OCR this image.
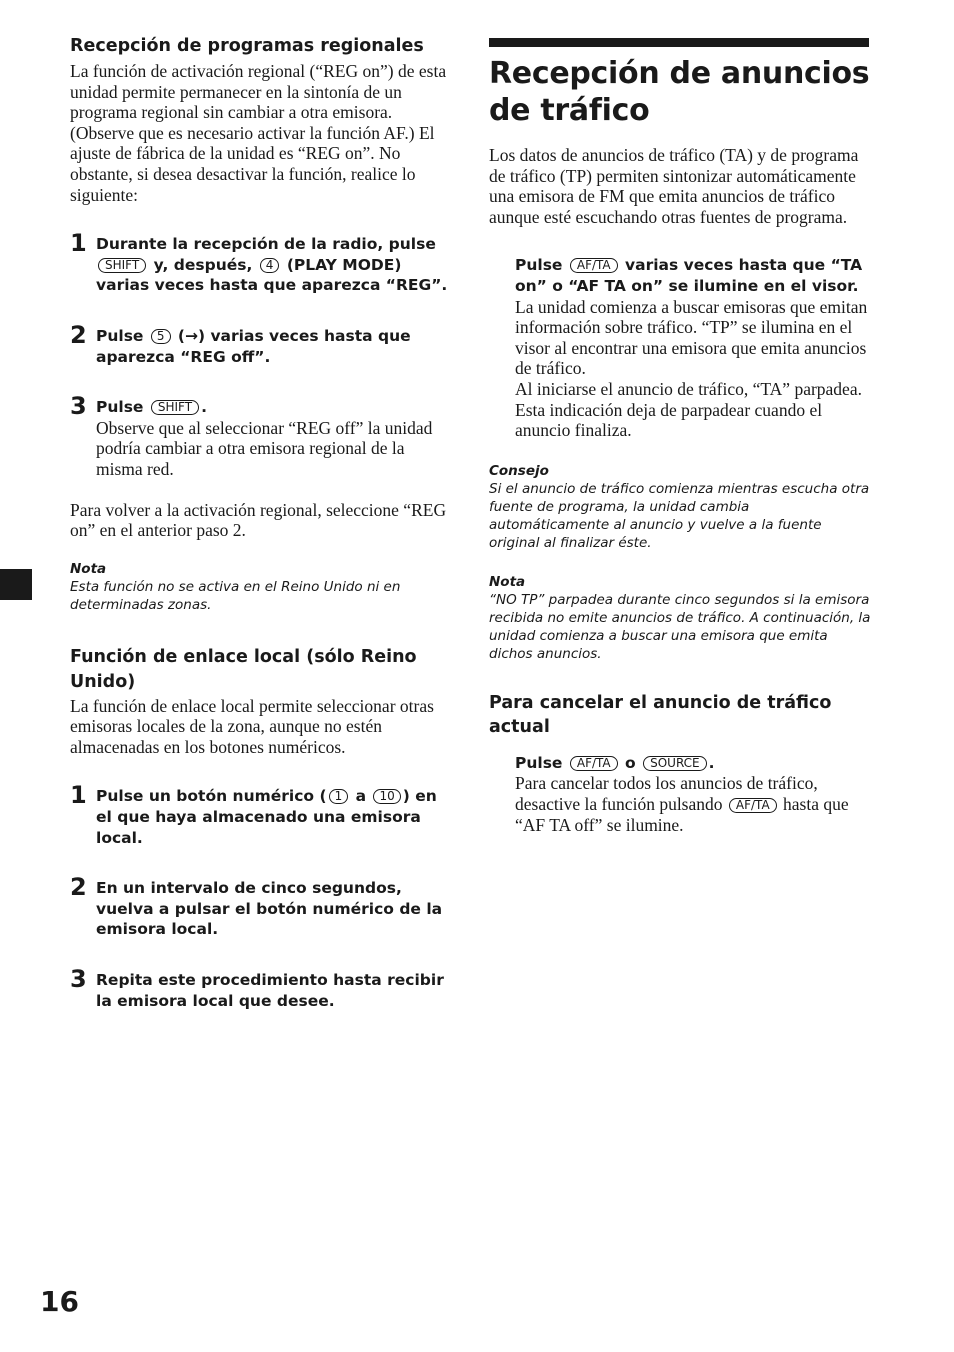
Recepción de programas regionales

La función de activación regional (“REG on”) de esta unidad permite permanecer en la sintonía de un programa regional sin cambiar a otra emisora. (Observe que es necesario activar la función AF.) El ajuste de fábrica de la unidad es “REG on”. No obstante, si desea desactivar la función, realice lo siguiente:

1 Durante la recepción de la radio, pulse SHIFT y, después, 4 (PLAY MODE) varias veces hasta que aparezca “REG”.
2 Pulse 5 (→) varias veces hasta que aparezca “REG off”.
3 Pulse SHIFT .
Observe que al seleccionar “REG off” la unidad podría cambiar a otra emisora regional de la misma red.

Para volver a la activación regional, seleccione “REG on” en el anterior paso 2.

Nota
Esta función no se activa en el Reino Unido ni en determinadas zonas.
Función de enlace local (sólo Reino Unido)

La función de enlace local permite seleccionar otras emisoras locales de la zona, aunque no estén almacenadas en los botones numéricos.

1 Pulse un botón numérico ( 1 a 10 ) en el que haya almacenado una emisora local.
2 En un intervalo de cinco segundos, vuelva a pulsar el botón numérico de la emisora local.
3 Repita este procedimiento hasta recibir la emisora local que desee.
Recepción de anuncios de tráfico

Los datos de anuncios de tráfico (TA) y de programa de tráfico (TP) permiten sintonizar automáticamente una emisora de FM que emita anuncios de tráfico aunque esté escuchando otras fuentes de programa.

Pulse AF/TA varias veces hasta que “TA on” o “AF TA on” se ilumine en el visor.
La unidad comienza a buscar emisoras que emitan información sobre tráfico. “TP” se ilumina en el visor al encontrar una emisora que emita anuncios de tráfico.
Al iniciarse el anuncio de tráfico, “TA” parpadea. Esta indicación deja de parpadear cuando el anuncio finaliza.
Consejo
Si el anuncio de tráfico comienza mientras escucha otra fuente de programa, la unidad cambia automáticamente al anuncio y vuelve a la fuente original al finalizar éste.
Nota
“NO TP” parpadea durante cinco segundos si la emisora recibida no emite anuncios de tráfico. A continuación, la unidad comienza a buscar una emisora que emita dichos anuncios.
Para cancelar el anuncio de tráfico actual
Pulse AF/TA o SOURCE .
Para cancelar todos los anuncios de tráfico, desactive la función pulsando AF/TA hasta que “AF TA off” se ilumine.
16
